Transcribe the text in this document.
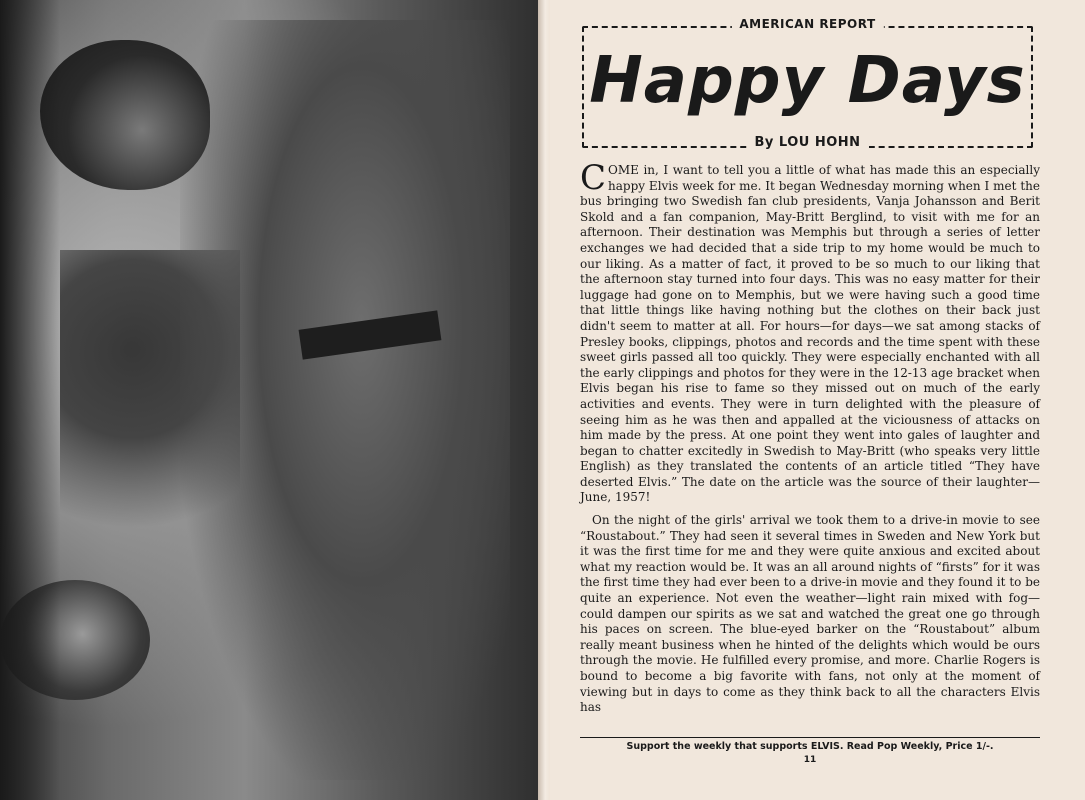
AMERICAN REPORT
Happy Days
By LOU HOHN

COME in, I want to tell you a little of what has made this an especially happy Elvis week for me. It began Wednesday morning when I met the bus bringing two Swedish fan club presidents, Vanja Johansson and Berit Skold and a fan companion, May-Britt Berglind, to visit with me for an afternoon. Their destination was Memphis but through a series of letter exchanges we had decided that a side trip to my home would be much to our liking. As a matter of fact, it proved to be so much to our liking that the afternoon stay turned into four days. This was no easy matter for their luggage had gone on to Memphis, but we were having such a good time that little things like having nothing but the clothes on their back just didn't seem to matter at all. For hours—for days—we sat among stacks of Presley books, clippings, photos and records and the time spent with these sweet girls passed all too quickly. They were especially enchanted with all the early clippings and photos for they were in the 12-13 age bracket when Elvis began his rise to fame so they missed out on much of the early activities and events. They were in turn delighted with the pleasure of seeing him as he was then and appalled at the viciousness of attacks on him made by the press. At one point they went into gales of laughter and began to chatter excitedly in Swedish to May-Britt (who speaks very little English) as they translated the contents of an article titled “They have deserted Elvis.” The date on the article was the source of their laughter—June, 1957!

On the night of the girls' arrival we took them to a drive-in movie to see “Roustabout.” They had seen it several times in Sweden and New York but it was the first time for me and they were quite anxious and excited about what my reaction would be. It was an all around nights of “firsts” for it was the first time they had ever been to a drive-in movie and they found it to be quite an experience. Not even the weather—light rain mixed with fog—could dampen our spirits as we sat and watched the great one go through his paces on screen. The blue-eyed barker on the “Roustabout” album really meant business when he hinted of the delights which would be ours through the movie. He fulfilled every promise, and more. Charlie Rogers is bound to become a big favorite with fans, not only at the moment of viewing but in days to come as they think back to all the characters Elvis has

Support the weekly that supports ELVIS. Read Pop Weekly, Price 1/-.
11
